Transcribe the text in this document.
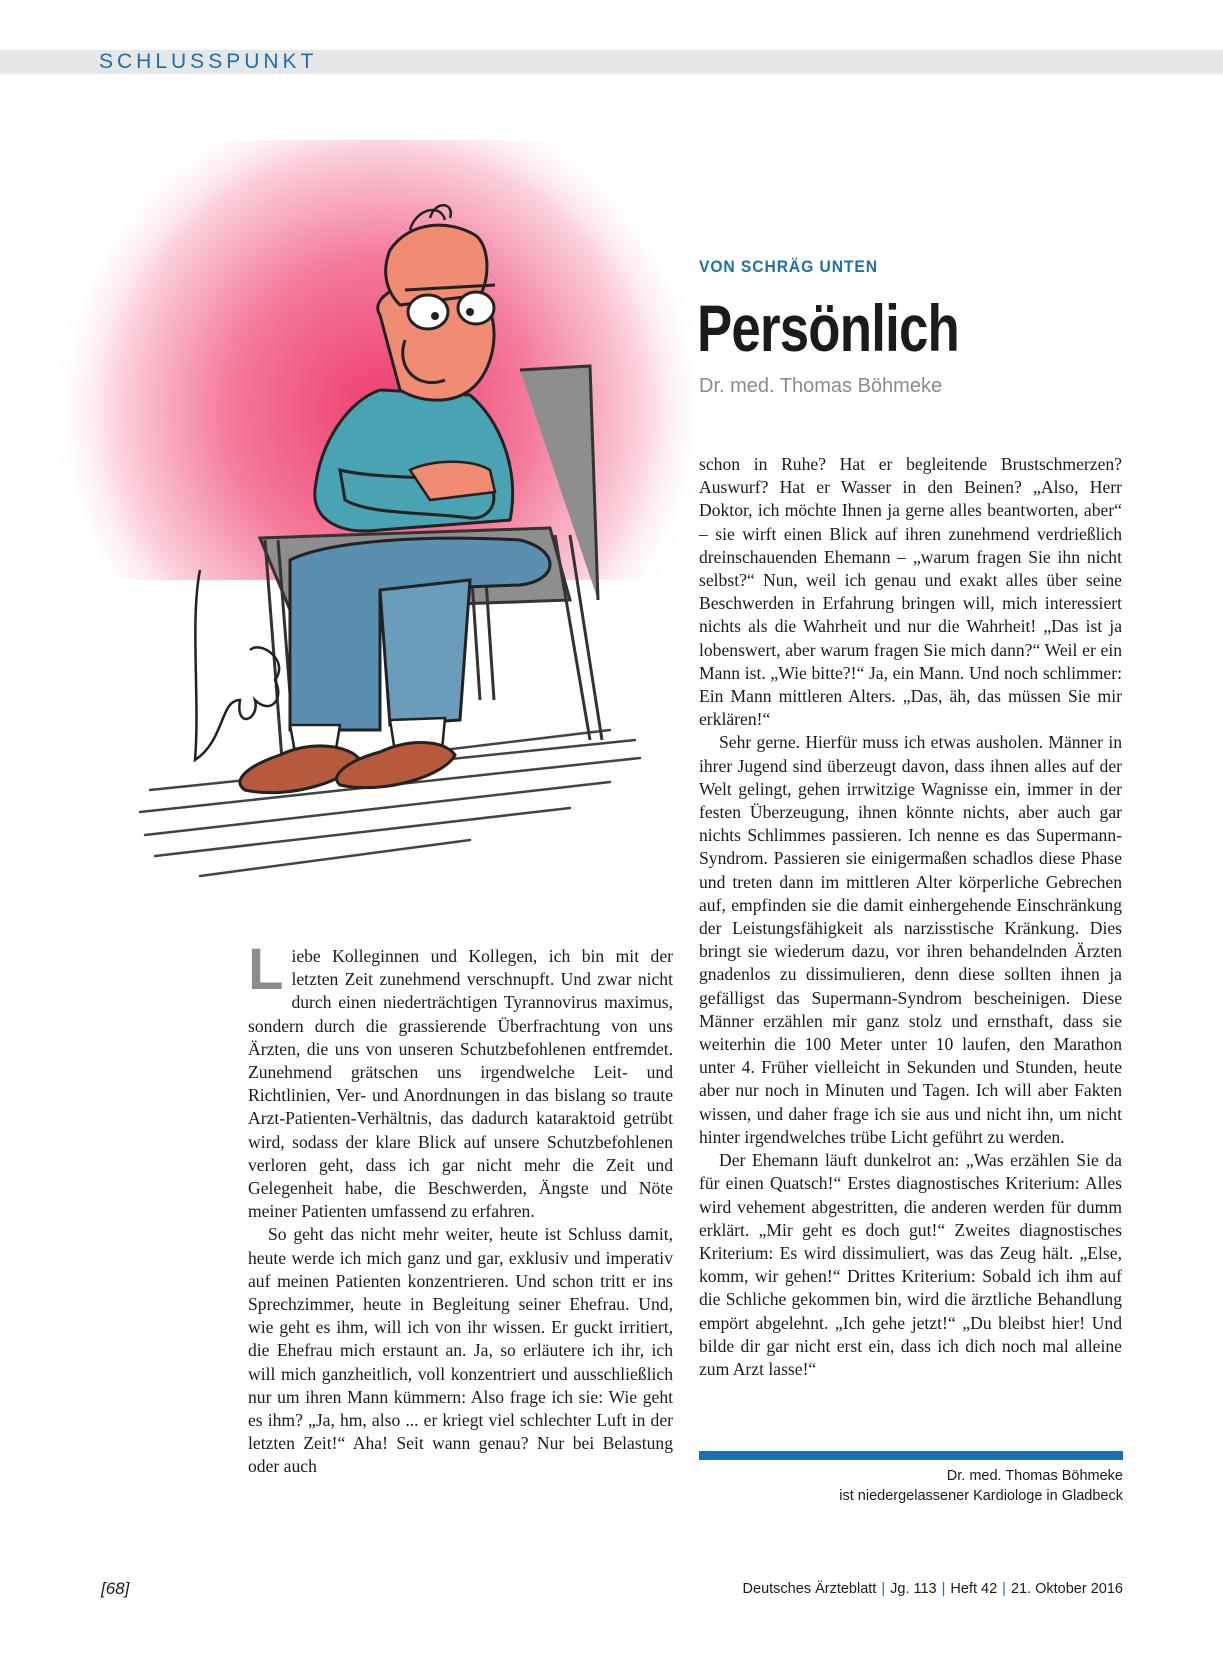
SCHLUSSPUNKT

VON SCHRÄG UNTEN

Persönlich

Dr. med. Thomas Böhmeke

Liebe Kolleginnen und Kollegen, ich bin mit der letzten Zeit zunehmend verschnupft. Und zwar nicht durch einen niederträchtigen Tyrannovirus maximus, sondern durch die grassierende Überfrachtung von uns Ärzten, die uns von unseren Schutzbefohlenen entfremdet. Zunehmend grätschen uns irgendwelche Leit- und Richtlinien, Ver- und Anordnungen in das bislang so traute Arzt-Patienten-Verhältnis, das dadurch kataraktoid getrübt wird, sodass der klare Blick auf unsere Schutzbefohlenen verloren geht, dass ich gar nicht mehr die Zeit und Gelegenheit habe, die Beschwerden, Ängste und Nöte meiner Patienten umfassend zu erfahren.

So geht das nicht mehr weiter, heute ist Schluss damit, heute werde ich mich ganz und gar, exklusiv und imperativ auf meinen Patienten konzentrieren. Und schon tritt er ins Sprechzimmer, heute in Begleitung seiner Ehefrau. Und, wie geht es ihm, will ich von ihr wissen. Er guckt irritiert, die Ehefrau mich erstaunt an. Ja, so erläutere ich ihr, ich will mich ganzheitlich, voll konzentriert und ausschließlich nur um ihren Mann kümmern: Also frage ich sie: Wie geht es ihm? „Ja, hm, also ... er kriegt viel schlechter Luft in der letzten Zeit!“ Aha! Seit wann genau? Nur bei Belastung oder auch

schon in Ruhe? Hat er begleitende Brustschmerzen? Auswurf? Hat er Wasser in den Beinen? „Also, Herr Doktor, ich möchte Ihnen ja gerne alles beantworten, aber“ – sie wirft einen Blick auf ihren zunehmend verdrießlich dreinschauenden Ehemann – „warum fragen Sie ihn nicht selbst?“ Nun, weil ich genau und exakt alles über seine Beschwerden in Erfahrung bringen will, mich interessiert nichts als die Wahrheit und nur die Wahrheit! „Das ist ja lobenswert, aber warum fragen Sie mich dann?“ Weil er ein Mann ist. „Wie bitte?!“ Ja, ein Mann. Und noch schlimmer: Ein Mann mittleren Alters. „Das, äh, das müssen Sie mir erklären!“

Sehr gerne. Hierfür muss ich etwas ausholen. Männer in ihrer Jugend sind überzeugt davon, dass ihnen alles auf der Welt gelingt, gehen irrwitzige Wagnisse ein, immer in der festen Überzeugung, ihnen könnte nichts, aber auch gar nichts Schlimmes passieren. Ich nenne es das Supermann-Syndrom. Passieren sie einigermaßen schadlos diese Phase und treten dann im mittleren Alter körperliche Gebrechen auf, empfinden sie die damit einhergehende Einschränkung der Leistungsfähigkeit als narzisstische Kränkung. Dies bringt sie wiederum dazu, vor ihren behandelnden Ärzten gnadenlos zu dissimulieren, denn diese sollten ihnen ja gefälligst das Supermann-Syndrom bescheinigen. Diese Männer erzählen mir ganz stolz und ernsthaft, dass sie weiterhin die 100 Meter unter 10 laufen, den Marathon unter 4. Früher vielleicht in Sekunden und Stunden, heute aber nur noch in Minuten und Tagen. Ich will aber Fakten wissen, und daher frage ich sie aus und nicht ihn, um nicht hinter irgendwelches trübe Licht geführt zu werden.

Der Ehemann läuft dunkelrot an: „Was erzählen Sie da für einen Quatsch!“ Erstes diagnostisches Kriterium: Alles wird vehement abgestritten, die anderen werden für dumm erklärt. „Mir geht es doch gut!“ Zweites diagnostisches Kriterium: Es wird dissimuliert, was das Zeug hält. „Else, komm, wir gehen!“ Drittes Kriterium: Sobald ich ihm auf die Schliche gekommen bin, wird die ärztliche Behandlung empört abgelehnt. „Ich gehe jetzt!“ „Du bleibst hier! Und bilde dir gar nicht erst ein, dass ich dich noch mal alleine zum Arzt lasse!“

Dr. med. Thomas Böhmeke
ist niedergelassener Kardiologe in Gladbeck

[68]	Deutsches Ärzteblatt | Jg. 113 | Heft 42 | 21. Oktober 2016
